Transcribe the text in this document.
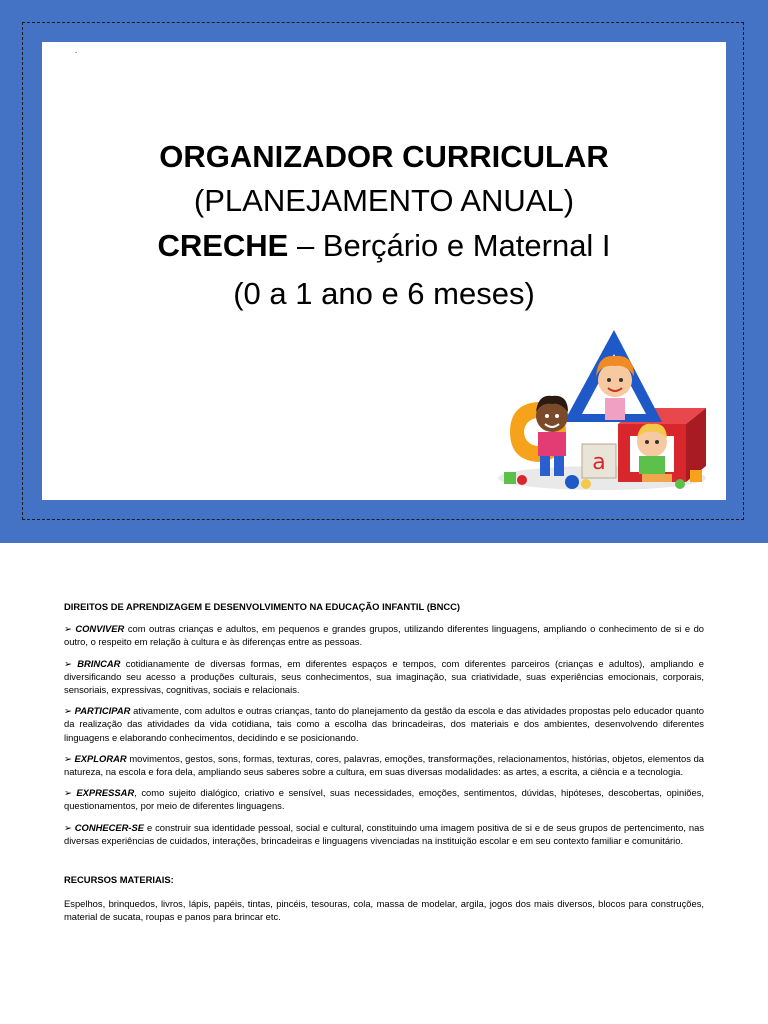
.
ORGANIZADOR CURRICULAR
(PLANEJAMENTO ANUAL)
CRECHE – Berçário e Maternal I
(0 a 1 ano e 6 meses)
a
DIREITOS DE APRENDIZAGEM E DESENVOLVIMENTO NA EDUCAÇÃO INFANTIL (BNCC)

➢ CONVIVER com outras crianças e adultos, em pequenos e grandes grupos, utilizando diferentes linguagens, ampliando o conhecimento de si e do outro, o respeito em relação à cultura e às diferenças entre as pessoas.

➢ BRINCAR cotidianamente de diversas formas, em diferentes espaços e tempos, com diferentes parceiros (crianças e adultos), ampliando e diversificando seu acesso a produções culturais, seus conhecimentos, sua imaginação, sua criatividade, suas experiências emocionais, corporais, sensoriais, expressivas, cognitivas, sociais e relacionais.

➢ PARTICIPAR ativamente, com adultos e outras crianças, tanto do planejamento da gestão da escola e das atividades propostas pelo educador quanto da realização das atividades da vida cotidiana, tais como a escolha das brincadeiras, dos materiais e dos ambientes, desenvolvendo diferentes linguagens e elaborando conhecimentos, decidindo e se posicionando.

➢ EXPLORAR movimentos, gestos, sons, formas, texturas, cores, palavras, emoções, transformações, relacionamentos, histórias, objetos, elementos da natureza, na escola e fora dela, ampliando seus saberes sobre a cultura, em suas diversas modalidades: as artes, a escrita, a ciência e a tecnologia.

➢ EXPRESSAR, como sujeito dialógico, criativo e sensível, suas necessidades, emoções, sentimentos, dúvidas, hipóteses, descobertas, opiniões, questionamentos, por meio de diferentes linguagens.

➢ CONHECER-SE e construir sua identidade pessoal, social e cultural, constituindo uma imagem positiva de si e de seus grupos de pertencimento, nas diversas experiências de cuidados, interações, brincadeiras e linguagens vivenciadas na instituição escolar e em seu contexto familiar e comunitário.

RECURSOS MATERIAIS:

Espelhos, brinquedos, livros, lápis, papéis, tintas, pincéis, tesouras, cola, massa de modelar, argila, jogos dos mais diversos, blocos para construções, material de sucata, roupas e panos para brincar etc.
